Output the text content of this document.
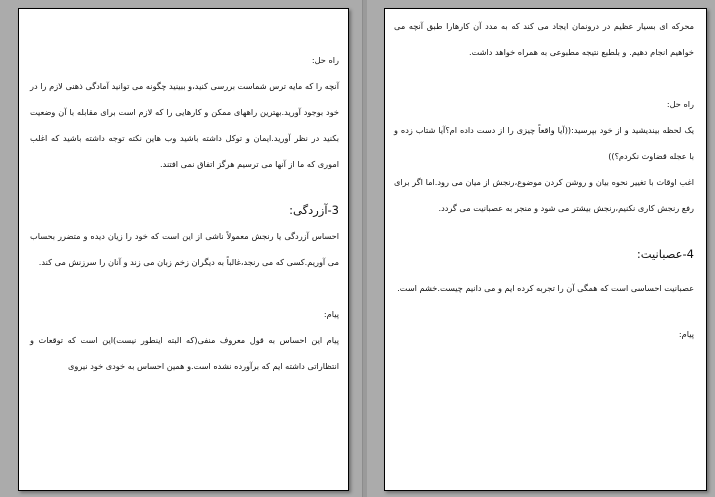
راه حل:

آنچه را که مایه ترس شماست بررسی کنید،و ببینید چگونه می توانید آمادگی ذهنی لازم را در خود بوجود آورید.بهترین راههای ممکن و کارهایی را که لازم است برای مقابله با آن وضعیت بکنید در نظر آورید.ایمان و توکل داشته باشید وب هاین نکته توجه داشته باشید که اغلب اموری که ما از آنها می ترسیم هرگز اتفاق نمی افتند.

3-آزردگی:

احساس آزردگی یا رنجش معمولاً ناشی از این است که خود را زیان دیده و متضرر بحساب می آوریم.کسی که می رنجد،غالباً به دیگران زخم زبان می زند و آنان را سرزنش می کند.

پیام:

پیام این احساس به قول معروف منفی(که البته اینطور نیست)این است که توقعات و انتظاراتی داشته ایم که برآورده نشده است.و همین احساس به خودی خود نیروی

محرکه ای بسیار عظیم در درونمان ایجاد می کند که به مدد آن کارهارا طبق آنچه می خواهیم انجام دهیم. و بلطبع نتیجه مطبوعی به همراه خواهد داشت.

راه حل:

یک لحظه بیندیشید و از خود بپرسید:((آیا واقعاً چیزی را از دست داده ام؟آیا شتاب زده و با عجله قضاوت نکردم؟))

اغب اوقات با تغییر نحوه بیان و روشن کردن موضوع،رنجش از میان می رود.اما اگر برای رفع رنجش کاری نکنیم،رنجش بیشتر می شود و منجر به عصبانیت می گردد.

4-عصبانیت:

عصبانیت احساسی است که همگی آن را تجربه کرده ایم و می دانیم چیست.خشم است.

پیام:
